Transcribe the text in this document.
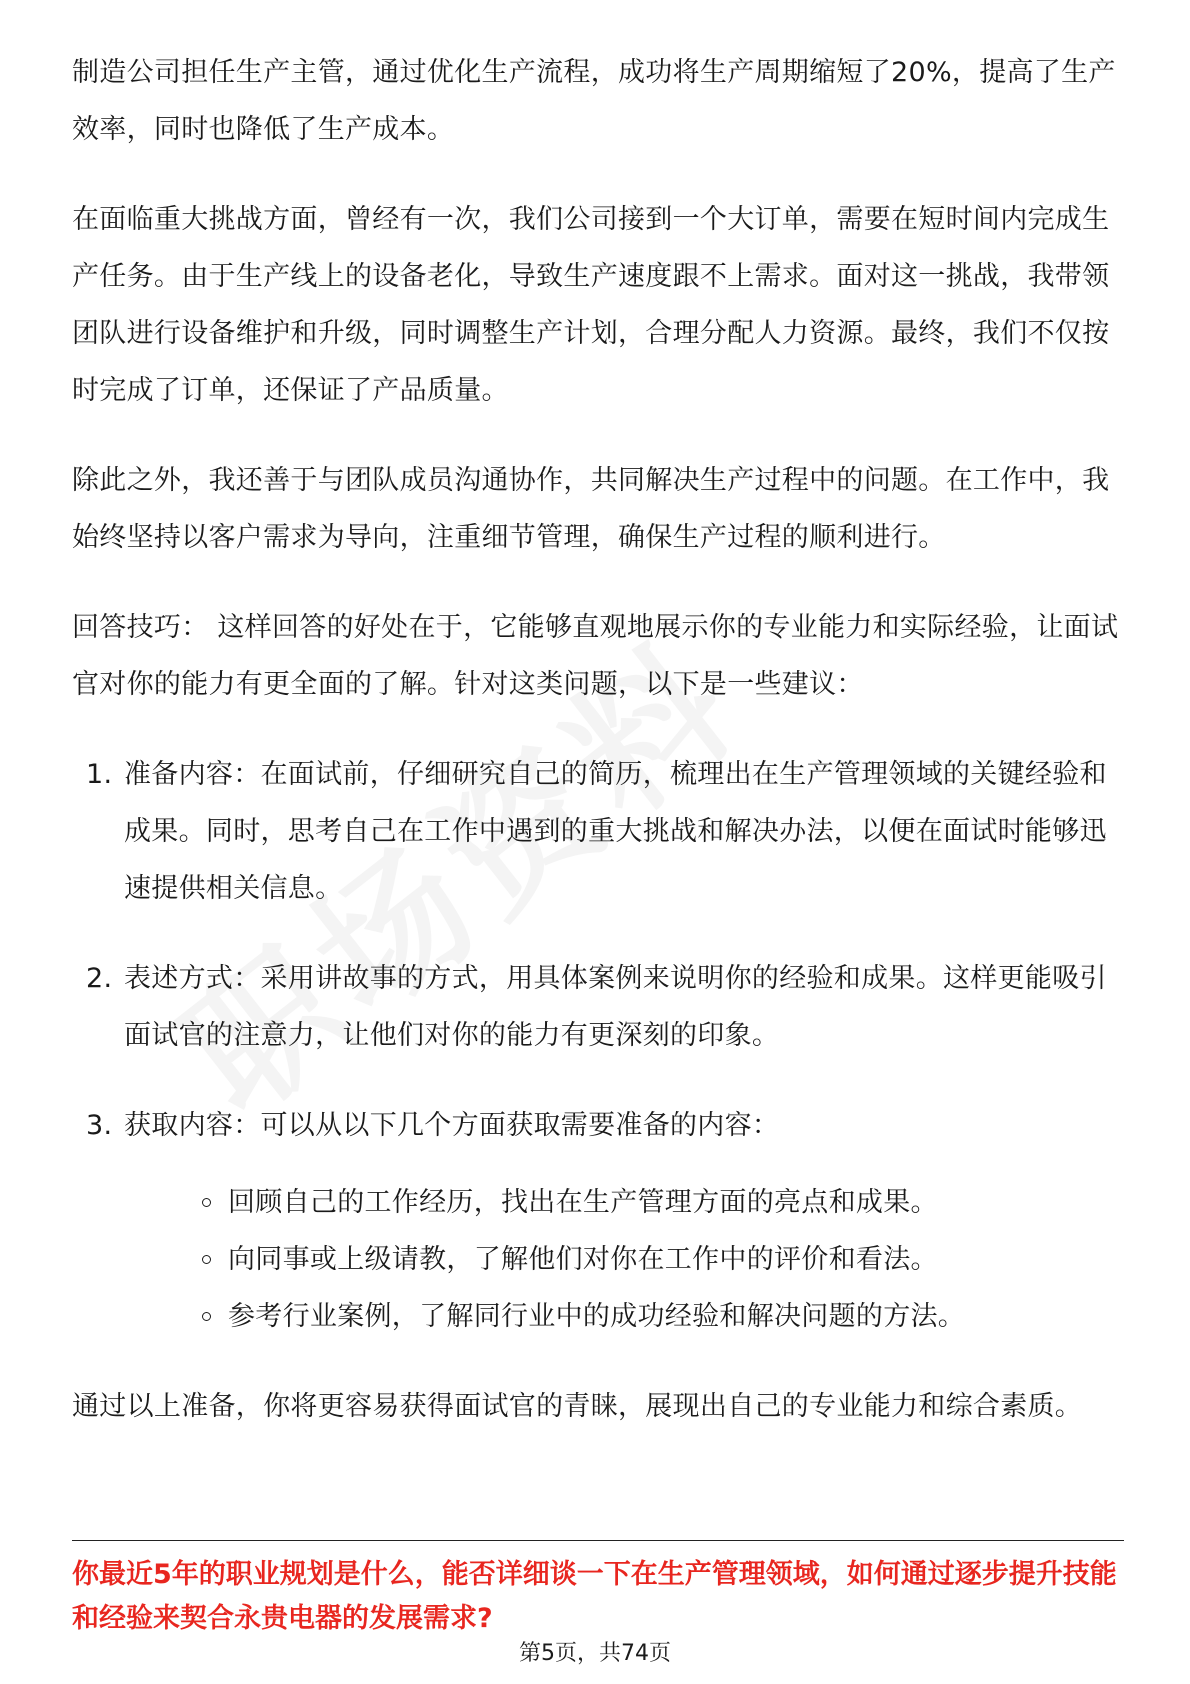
制造公司担任生产主管，通过优化生产流程，成功将生产周期缩短了20%，提高了生产效率，同时也降低了生产成本。

在面临重大挑战方面，曾经有一次，我们公司接到一个大订单，需要在短时间内完成生产任务。由于生产线上的设备老化，导致生产速度跟不上需求。面对这一挑战，我带领团队进行设备维护和升级，同时调整生产计划，合理分配人力资源。最终，我们不仅按时完成了订单，还保证了产品质量。

除此之外，我还善于与团队成员沟通协作，共同解决生产过程中的问题。在工作中，我始终坚持以客户需求为导向，注重细节管理，确保生产过程的顺利进行。

回答技巧： 这样回答的好处在于，它能够直观地展示你的专业能力和实际经验，让面试官对你的能力有更全面的了解。针对这类问题，以下是一些建议：

1. 准备内容：在面试前，仔细研究自己的简历，梳理出在生产管理领域的关键经验和成果。同时，思考自己在工作中遇到的重大挑战和解决办法，以便在面试时能够迅速提供相关信息。
2. 表述方式：采用讲故事的方式，用具体案例来说明你的经验和成果。这样更能吸引面试官的注意力，让他们对你的能力有更深刻的印象。
3. 获取内容：可以从以下几个方面获取需要准备的内容：
回顾自己的工作经历，找出在生产管理方面的亮点和成果。
向同事或上级请教，了解他们对你在工作中的评价和看法。
参考行业案例，了解同行业中的成功经验和解决问题的方法。

通过以上准备，你将更容易获得面试官的青睐，展现出自己的专业能力和综合素质。

你最近5年的职业规划是什么，能否详细谈一下在生产管理领域，如何通过逐步提升技能和经验来契合永贵电器的发展需求?
第5页，共74页
